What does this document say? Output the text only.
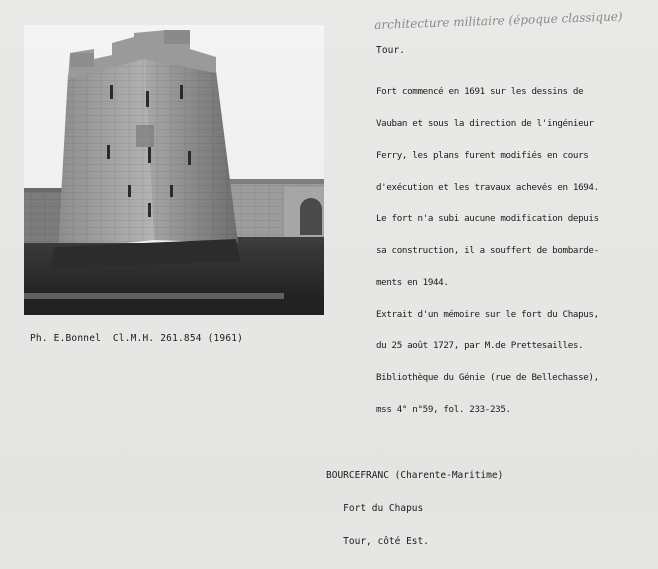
architecture militaire (époque classique)
Tour.

Fort commencé en 1691 sur les dessins de

Vauban et sous la direction de l'ingénieur

Ferry, les plans furent modifiés en cours

d'exécution et les travaux achevés en 1694.

Le fort n'a subi aucune modification depuis

sa construction, il a souffert de bombarde-

ments en 1944.

Extrait d'un mémoire sur le fort du Chapus,

du 25 août 1727, par M.de Prettesailles.

Bibliothèque du Génie (rue de Bellechasse),

mss 4° n°59, fol. 233-235.

Ph. E.Bonnel  Cl.M.H. 261.854 (1961)

BOURCEFRANC (Charente-Maritime)

Fort du Chapus

Tour, côté Est.
